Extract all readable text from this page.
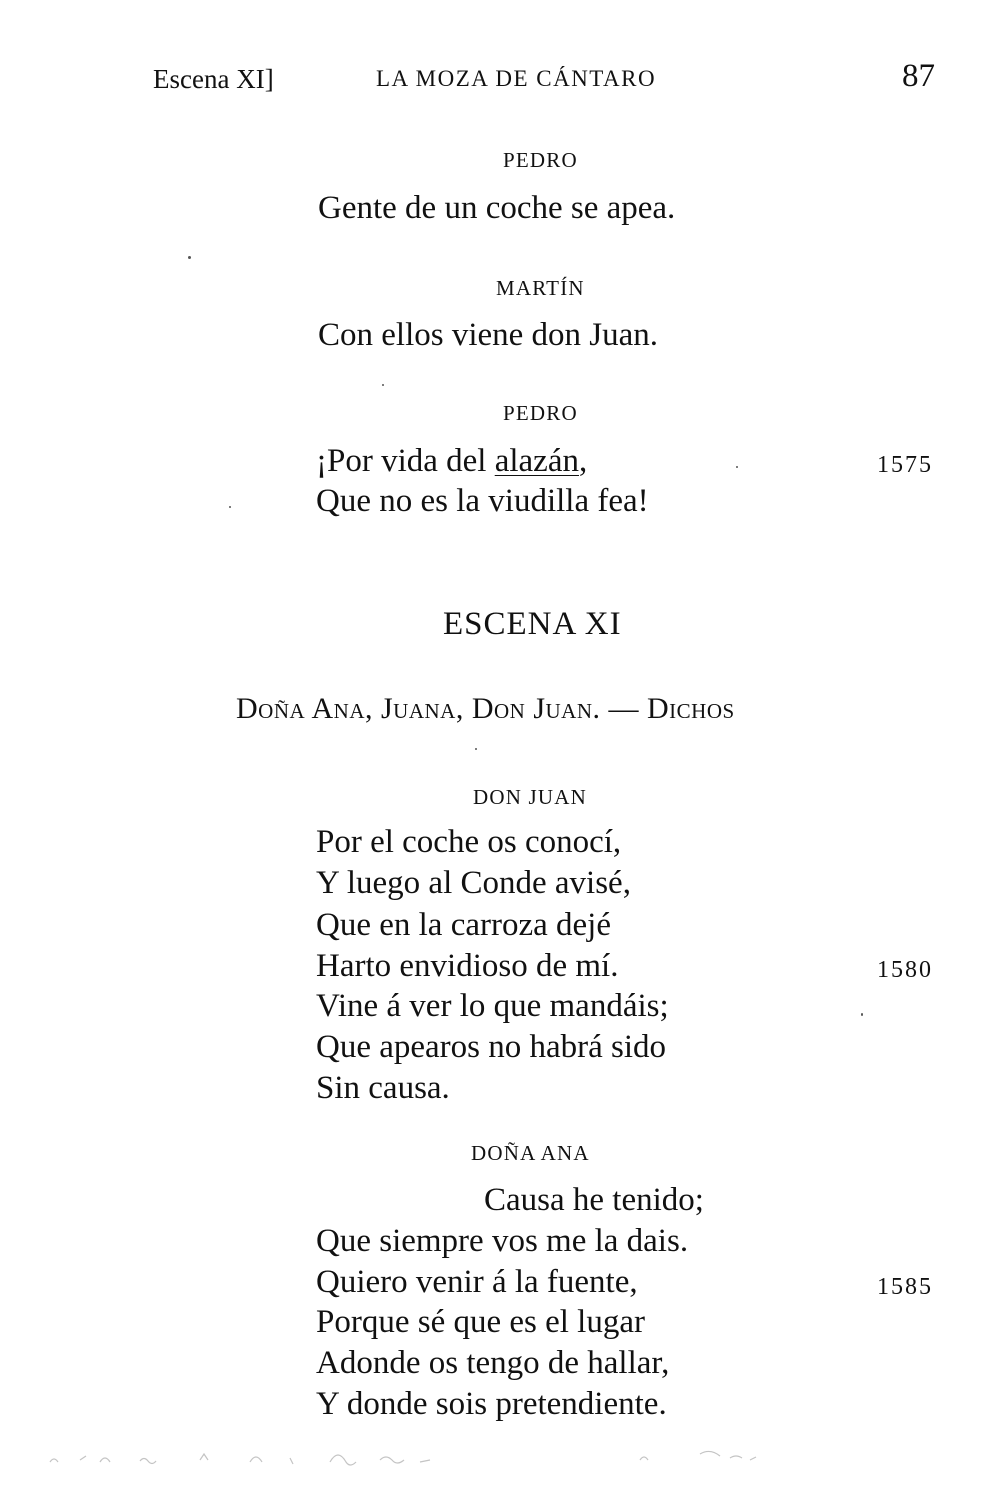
Escena XI]	LA MOZA DE CÁNTARO	87
PEDRO
Gente de un coche se apea.
MARTÍN
Con ellos viene don Juan.
PEDRO
¡Por vida del alazán,	1575
Que no es la viudilla fea!
ESCENA XI
Doña Ana, Juana, Don Juan. — Dichos
DON JUAN
Por el coche os conocí,
Y luego al Conde avisé,
Que en la carroza dejé
Harto envidioso de mí.	1580
Vine á ver lo que mandáis;
Que apearos no habrá sido
Sin causa.
DOÑA ANA
Causa he tenido;
Que siempre vos me la dais.
Quiero venir á la fuente,	1585
Porque sé que es el lugar
Adonde os tengo de hallar,
Y donde sois pretendiente.
